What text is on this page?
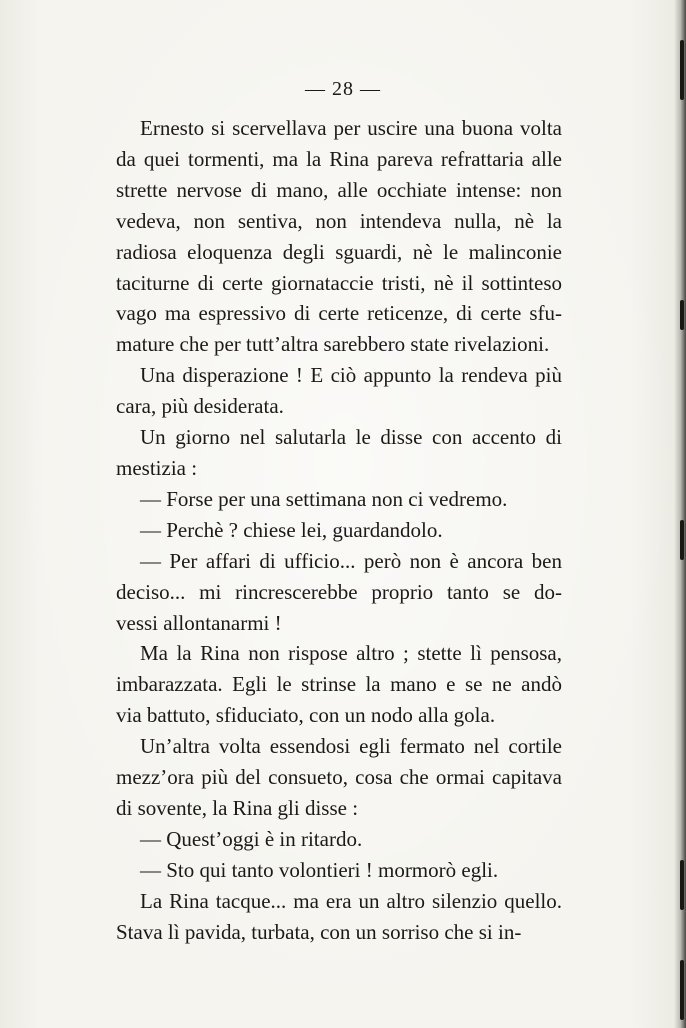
— 28 —

Ernesto si scervellava per uscire una buona volta
da quei tormenti, ma la Rina pareva refrattaria alle
strette nervose di mano, alle occhiate intense: non
vedeva, non sentiva, non intendeva nulla, nè la
radiosa eloquenza degli sguardi, nè le malinconie
taciturne di certe giornataccie tristi, nè il sottinteso
vago ma espressivo di certe reticenze, di certe sfu-
mature che per tutt’altra sarebbero state rivelazioni.

Una disperazione ! E ciò appunto la rendeva più
cara, più desiderata.

Un giorno nel salutarla le disse con accento di
mestizia :

— Forse per una settimana non ci vedremo.

— Perchè ? chiese lei, guardandolo.

— Per affari di ufficio... però non è ancora ben
deciso... mi rincrescerebbe proprio tanto se do-
vessi allontanarmi !

Ma la Rina non rispose altro ; stette lì pensosa,
imbarazzata. Egli le strinse la mano e se ne andò
via battuto, sfiduciato, con un nodo alla gola.

Un’altra volta essendosi egli fermato nel cortile
mezz’ora più del consueto, cosa che ormai capitava
di sovente, la Rina gli disse :

— Quest’oggi è in ritardo.

— Sto qui tanto volontieri ! mormorò egli.

La Rina tacque... ma era un altro silenzio quello.
Stava lì pavida, turbata, con un sorriso che si in-
